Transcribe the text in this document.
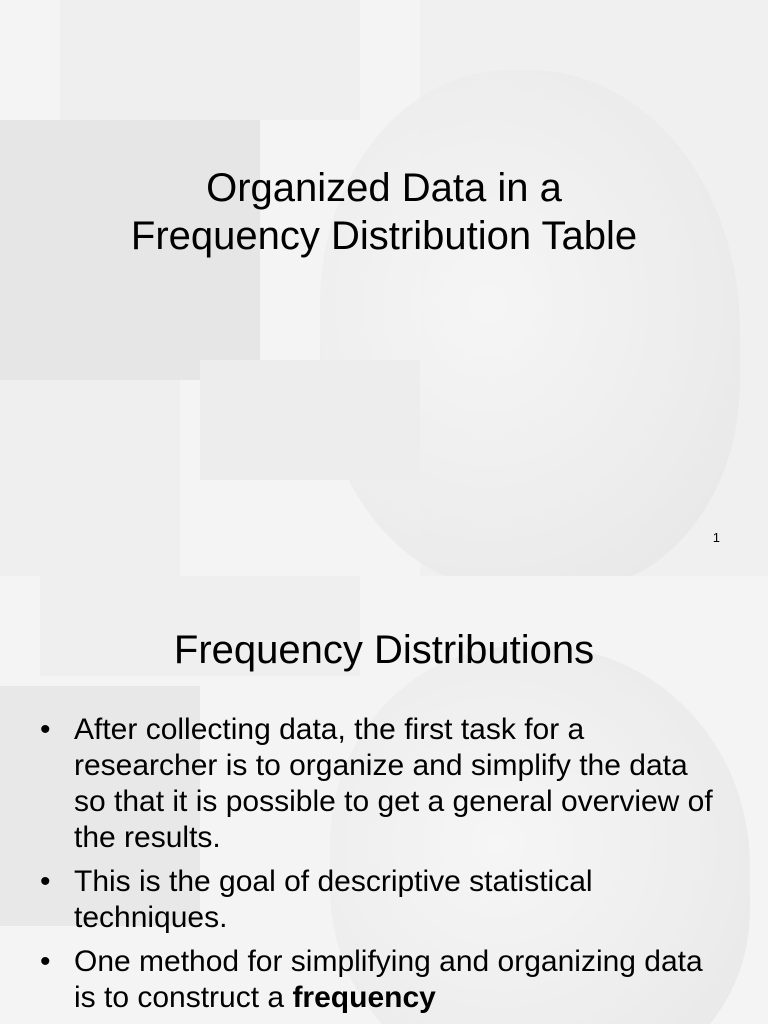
Organized Data in a
Frequency Distribution Table
1
Frequency Distributions
• After collecting data, the first task for a researcher is to organize and simplify the data so that it is possible to get a general overview of the results.
• This is the goal of descriptive statistical techniques.
• One method for simplifying and organizing data is to construct a frequency
